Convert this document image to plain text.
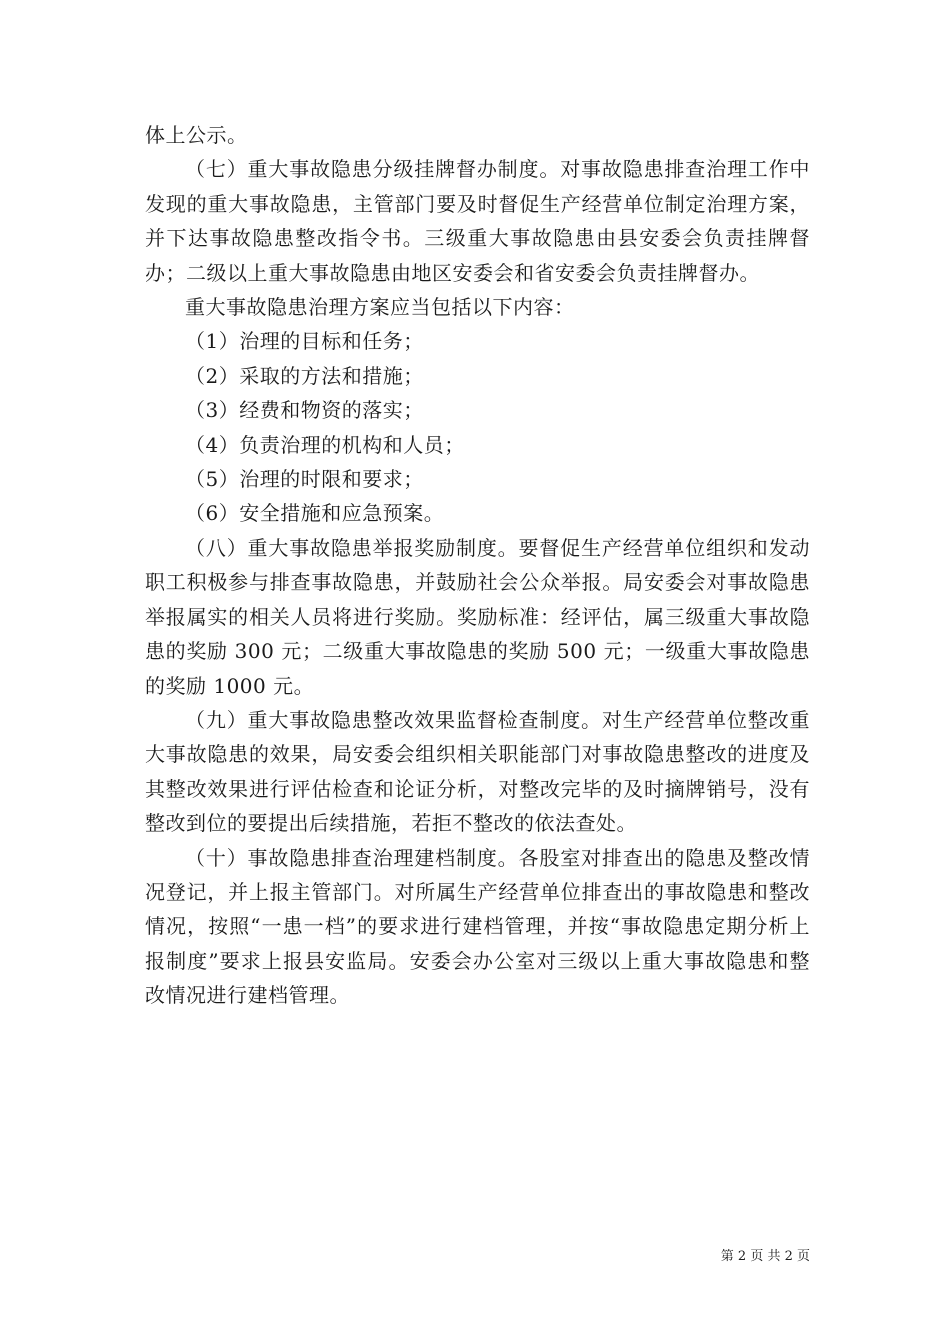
体上公示。

（七）重大事故隐患分级挂牌督办制度。对事故隐患排查治理工作中发现的重大事故隐患，主管部门要及时督促生产经营单位制定治理方案，并下达事故隐患整改指令书。三级重大事故隐患由县安委会负责挂牌督办；二级以上重大事故隐患由地区安委会和省安委会负责挂牌督办。

重大事故隐患治理方案应当包括以下内容：

（1）治理的目标和任务；

（2）采取的方法和措施；

（3）经费和物资的落实；

（4）负责治理的机构和人员；

（5）治理的时限和要求；

（6）安全措施和应急预案。

（八）重大事故隐患举报奖励制度。要督促生产经营单位组织和发动职工积极参与排查事故隐患，并鼓励社会公众举报。局安委会对事故隐患举报属实的相关人员将进行奖励。奖励标准：经评估，属三级重大事故隐患的奖励 300 元；二级重大事故隐患的奖励 500 元；一级重大事故隐患的奖励 1000 元。

（九）重大事故隐患整改效果监督检查制度。对生产经营单位整改重大事故隐患的效果，局安委会组织相关职能部门对事故隐患整改的进度及其整改效果进行评估检查和论证分析，对整改完毕的及时摘牌销号，没有整改到位的要提出后续措施，若拒不整改的依法查处。

（十）事故隐患排查治理建档制度。各股室对排查出的隐患及整改情况登记，并上报主管部门。对所属生产经营单位排查出的事故隐患和整改情况，按照“一患一档”的要求进行建档管理，并按“事故隐患定期分析上报制度”要求上报县安监局。安委会办公室对三级以上重大事故隐患和整改情况进行建档管理。

第 2 页 共 2 页
